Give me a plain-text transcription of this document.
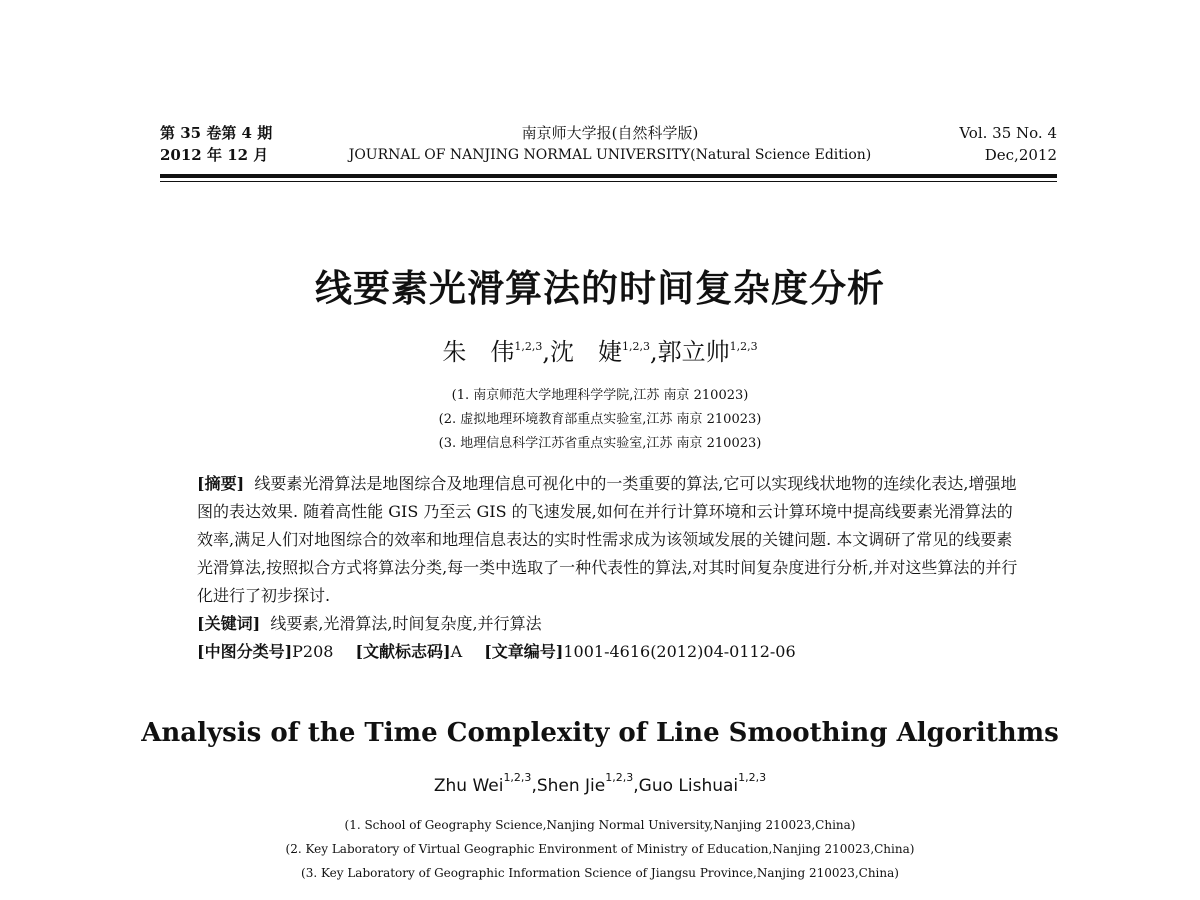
第 35 卷第 4 期
2012 年 12 月
南京师大学报(自然科学版)
JOURNAL OF NANJING NORMAL UNIVERSITY(Natural Science Edition)
Vol. 35 No. 4
Dec,2012
线要素光滑算法的时间复杂度分析
朱　伟$^{1,2,3}$,沈　婕$^{1,2,3}$,郭立帅$^{1,2,3}$
(1. 南京师范大学地理科学学院,江苏 南京 210023)
(2. 虚拟地理环境教育部重点实验室,江苏 南京 210023)
(3. 地理信息科学江苏省重点实验室,江苏 南京 210023)
[摘要] 线要素光滑算法是地图综合及地理信息可视化中的一类重要的算法,它可以实现线状地物的连续化表达,增强地图的表达效果. 随着高性能 GIS 乃至云 GIS 的飞速发展,如何在并行计算环境和云计算环境中提高线要素光滑算法的效率,满足人们对地图综合的效率和地理信息表达的实时性需求成为该领域发展的关键问题. 本文调研了常见的线要素光滑算法,按照拟合方式将算法分类,每一类中选取了一种代表性的算法,对其时间复杂度进行分析,并对这些算法的并行化进行了初步探讨.
[关键词] 线要素,光滑算法,时间复杂度,并行算法
[中图分类号]P208 [文献标志码]A [文章编号]1001-4616(2012)04-0112-06
Analysis of the Time Complexity of Line Smoothing Algorithms
Zhu Wei$^{1,2,3}$,Shen Jie$^{1,2,3}$,Guo Lishuai$^{1,2,3}$
(1. School of Geography Science,Nanjing Normal University,Nanjing 210023,China)
(2. Key Laboratory of Virtual Geographic Environment of Ministry of Education,Nanjing 210023,China)
(3. Key Laboratory of Geographic Information Science of Jiangsu Province,Nanjing 210023,China)
